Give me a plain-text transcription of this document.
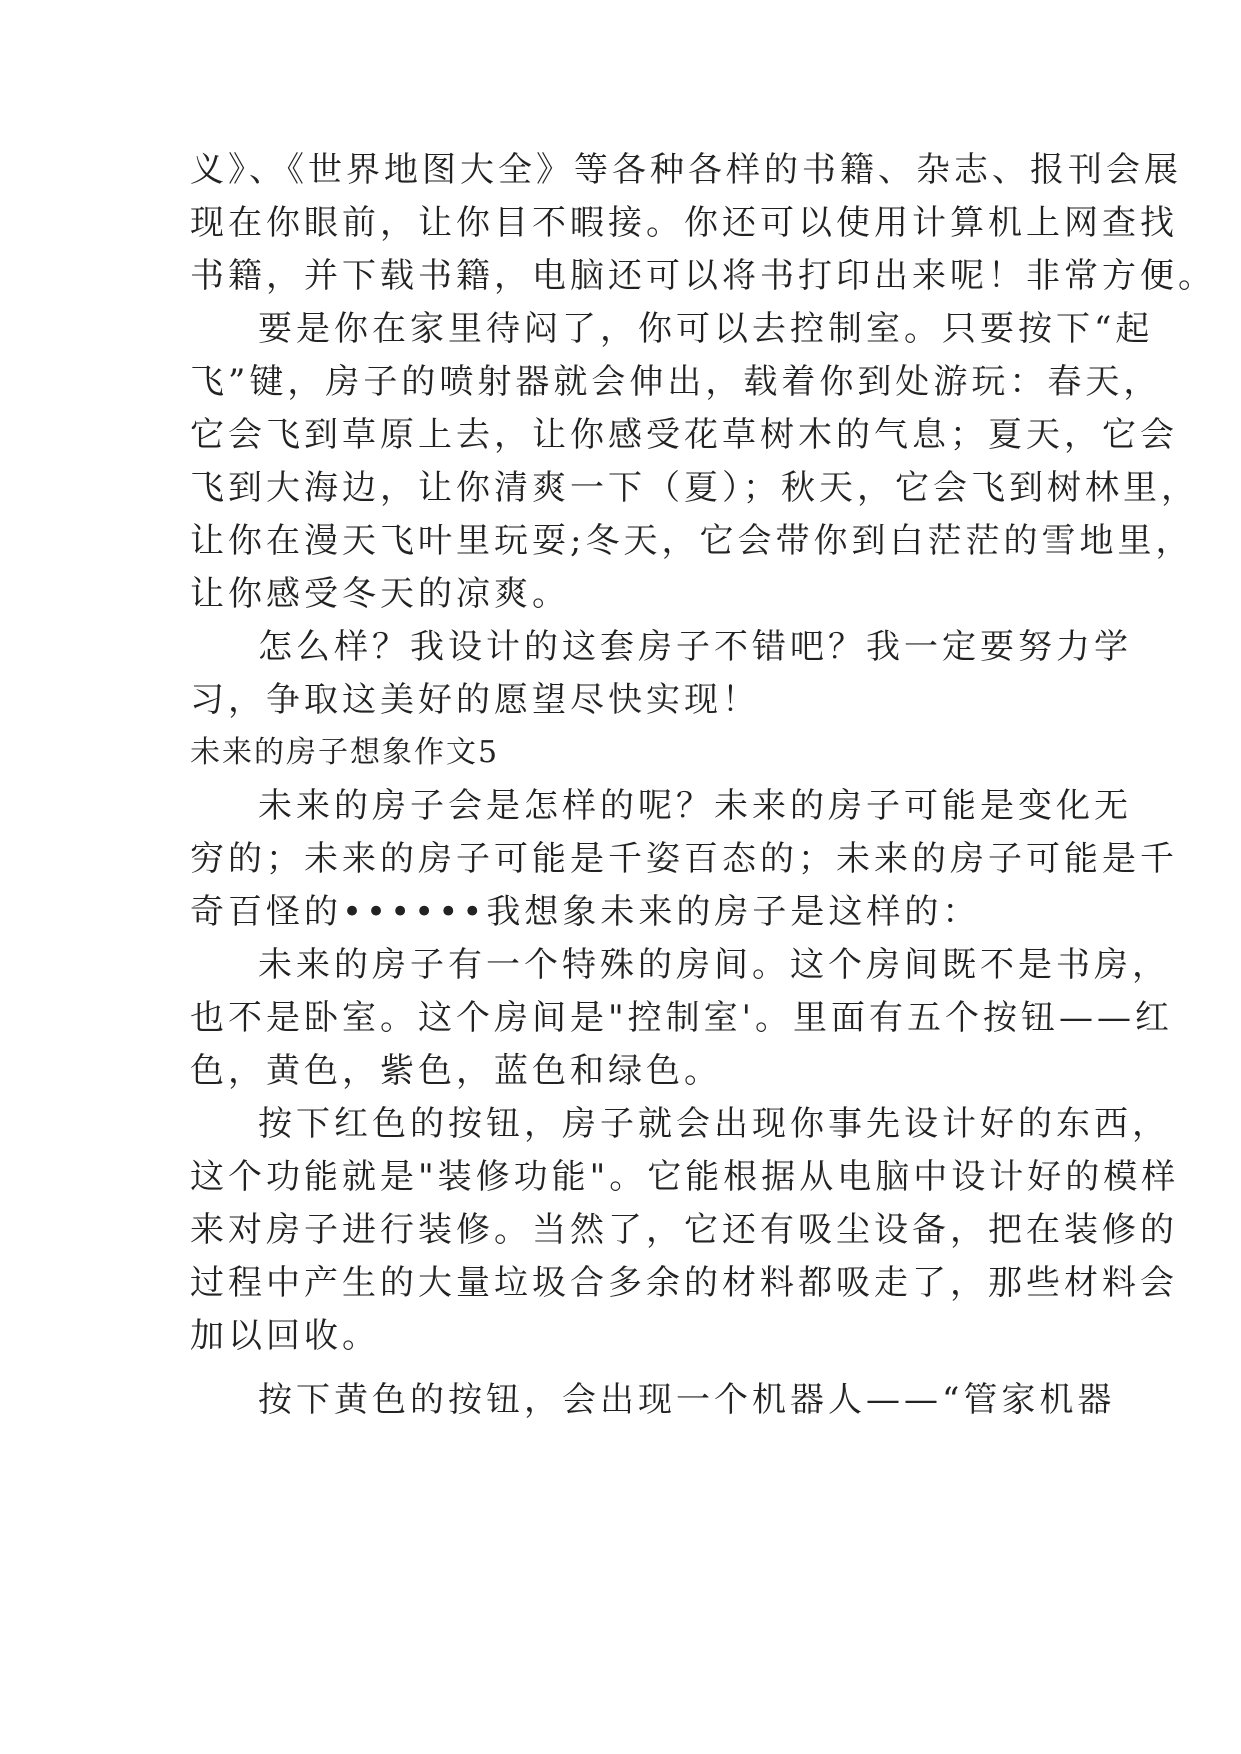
义》、《世界地图大全》等各种各样的书籍、杂志、报刊会展
现在你眼前，让你目不暇接。你还可以使用计算机上网查找
书籍，并下载书籍，电脑还可以将书打印出来呢！非常方便。
要是你在家里待闷了，你可以去控制室。只要按下“起
飞”键，房子的喷射器就会伸出，载着你到处游玩：春天，
它会飞到草原上去，让你感受花草树木的气息；夏天，它会
飞到大海边，让你清爽一下（夏）；秋天，它会飞到树林里，
让你在漫天飞叶里玩耍;冬天，它会带你到白茫茫的雪地里，
让你感受冬天的凉爽。
怎么样？我设计的这套房子不错吧？我一定要努力学
习，争取这美好的愿望尽快实现！
未来的房子想象作文5
未来的房子会是怎样的呢？未来的房子可能是变化无
穷的；未来的房子可能是千姿百态的；未来的房子可能是千
奇百怪的••••••我想象未来的房子是这样的：
未来的房子有一个特殊的房间。这个房间既不是书房，
也不是卧室。这个房间是"控制室'。里面有五个按钮——红
色，黄色，紫色，蓝色和绿色。
按下红色的按钮，房子就会出现你事先设计好的东西，
这个功能就是"装修功能"。它能根据从电脑中设计好的模样
来对房子进行装修。当然了，它还有吸尘设备，把在装修的
过程中产生的大量垃圾合多余的材料都吸走了，那些材料会
加以回收。
按下黄色的按钮，会出现一个机器人——“管家机器
